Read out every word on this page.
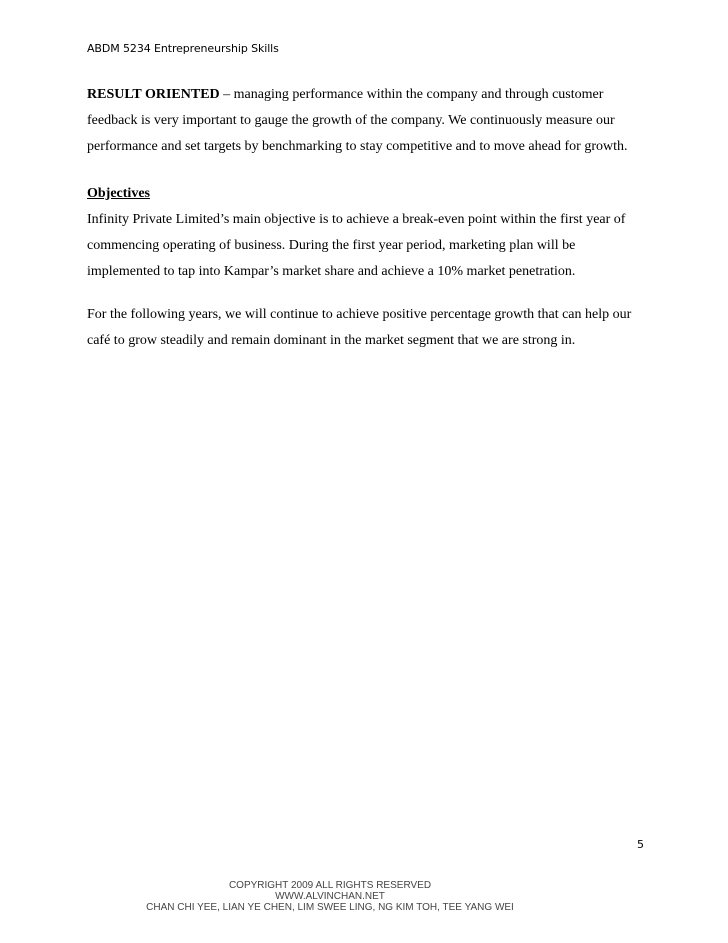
ABDM 5234 Entrepreneurship Skills

RESULT ORIENTED – managing performance within the company and through customer feedback is very important to gauge the growth of the company. We continuously measure our performance and set targets by benchmarking to stay competitive and to move ahead for growth.

Objectives

Infinity Private Limited’s main objective is to achieve a break-even point within the first year of commencing operating of business. During the first year period, marketing plan will be implemented to tap into Kampar’s market share and achieve a 10% market penetration.

For the following years, we will continue to achieve positive percentage growth that can help our café to grow steadily and remain dominant in the market segment that we are strong in.

5
COPYRIGHT 2009 ALL RIGHTS RESERVED
WWW.ALVINCHAN.NET
CHAN CHI YEE, LIAN YE CHEN, LIM SWEE LING, NG KIM TOH, TEE YANG WEI
